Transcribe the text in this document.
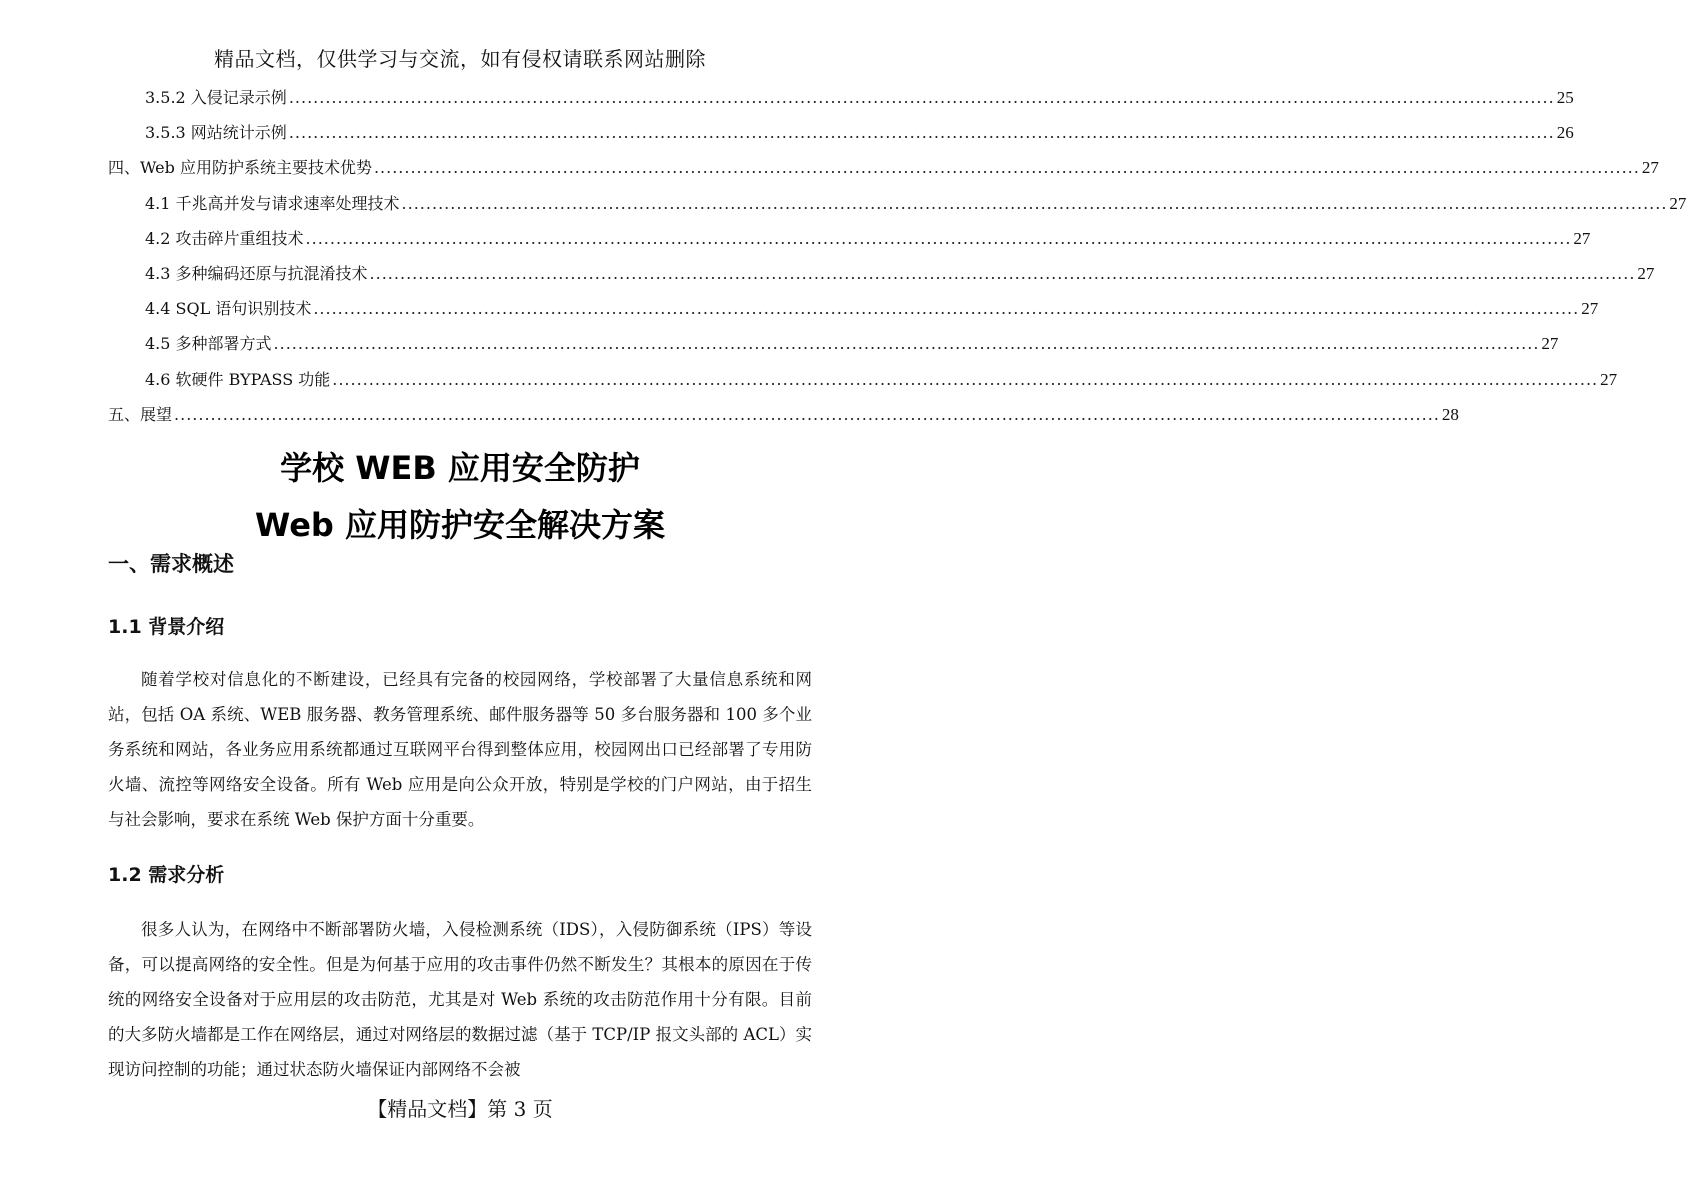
精品文档，仅供学习与交流，如有侵权请联系网站删除
3.5.2 入侵记录示例 ................................................................................................................................................................................................................ 25
3.5.3 网站统计示例 ................................................................................................................................................................................................................ 26
四、Web 应用防护系统主要技术优势 ................................................................................................................................................................................................................ 27
4.1 千兆高并发与请求速率处理技术 ................................................................................................................................................................................................................ 27
4.2 攻击碎片重组技术 ................................................................................................................................................................................................................ 27
4.3 多种编码还原与抗混淆技术 ................................................................................................................................................................................................................ 27
4.4 SQL 语句识别技术 ................................................................................................................................................................................................................ 27
4.5 多种部署方式 ................................................................................................................................................................................................................ 27
4.6 软硬件 BYPASS 功能 ................................................................................................................................................................................................................ 27
五、展望 ................................................................................................................................................................................................................ 28
学校 WEB 应用安全防护
Web 应用防护安全解决方案
一、需求概述
1.1 背景介绍

随着学校对信息化的不断建设，已经具有完备的校园网络，学校部署了大量信息系统和网站，包括 OA 系统、WEB 服务器、教务管理系统、邮件服务器等 50 多台服务器和 100 多个业务系统和网站，各业务应用系统都通过互联网平台得到整体应用，校园网出口已经部署了专用防火墙、流控等网络安全设备。所有 Web 应用是向公众开放，特别是学校的门户网站，由于招生与社会影响，要求在系统 Web 保护方面十分重要。

1.2 需求分析

很多人认为，在网络中不断部署防火墙，入侵检测系统（IDS），入侵防御系统（IPS）等设备，可以提高网络的安全性。但是为何基于应用的攻击事件仍然不断发生？其根本的原因在于传统的网络安全设备对于应用层的攻击防范，尤其是对 Web 系统的攻击防范作用十分有限。目前的大多防火墙都是工作在网络层，通过对网络层的数据过滤（基于 TCP/IP 报文头部的 ACL）实现访问控制的功能；通过状态防火墙保证内部网络不会被

【精品文档】第 3 页
